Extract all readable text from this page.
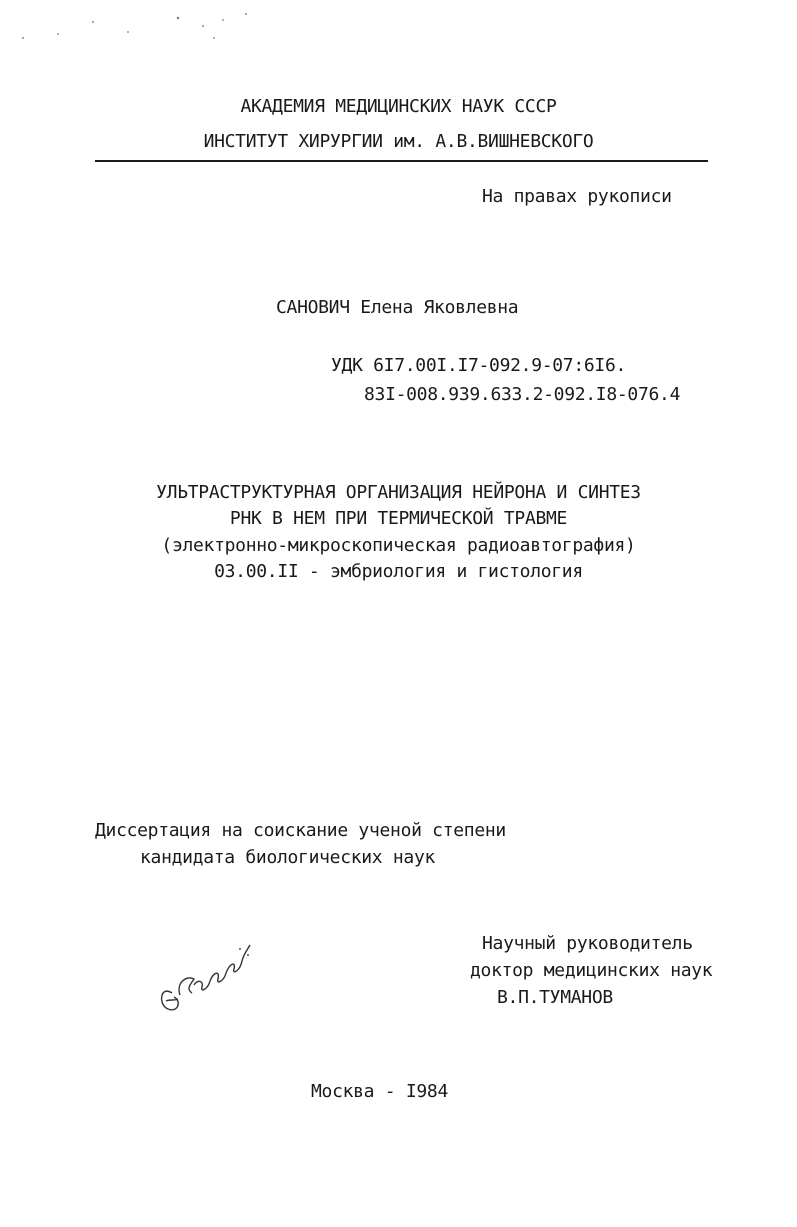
АКАДЕМИЯ МЕДИЦИНСКИХ НАУК СССР
ИНСТИТУТ ХИРУРГИИ им. А.В.ВИШНЕВСКОГО
На правах рукописи
САНОВИЧ Елена Яковлевна
УДК 6I7.00I.I7-092.9-07:6I6.
83I-008.939.633.2-092.I8-076.4
УЛЬТРАСТРУКТУРНАЯ ОРГАНИЗАЦИЯ НЕЙРОНА И СИНТЕЗ
РНК В НЕМ ПРИ ТЕРМИЧЕСКОЙ ТРАВМЕ
(электронно-микроскопическая радиоавтография)
03.00.II - эмбриология и гистология
Диссертация на соискание ученой степени
кандидата биологических наук
Научный руководитель
доктор медицинских наук
В.П.ТУМАНОВ
Москва - I984
